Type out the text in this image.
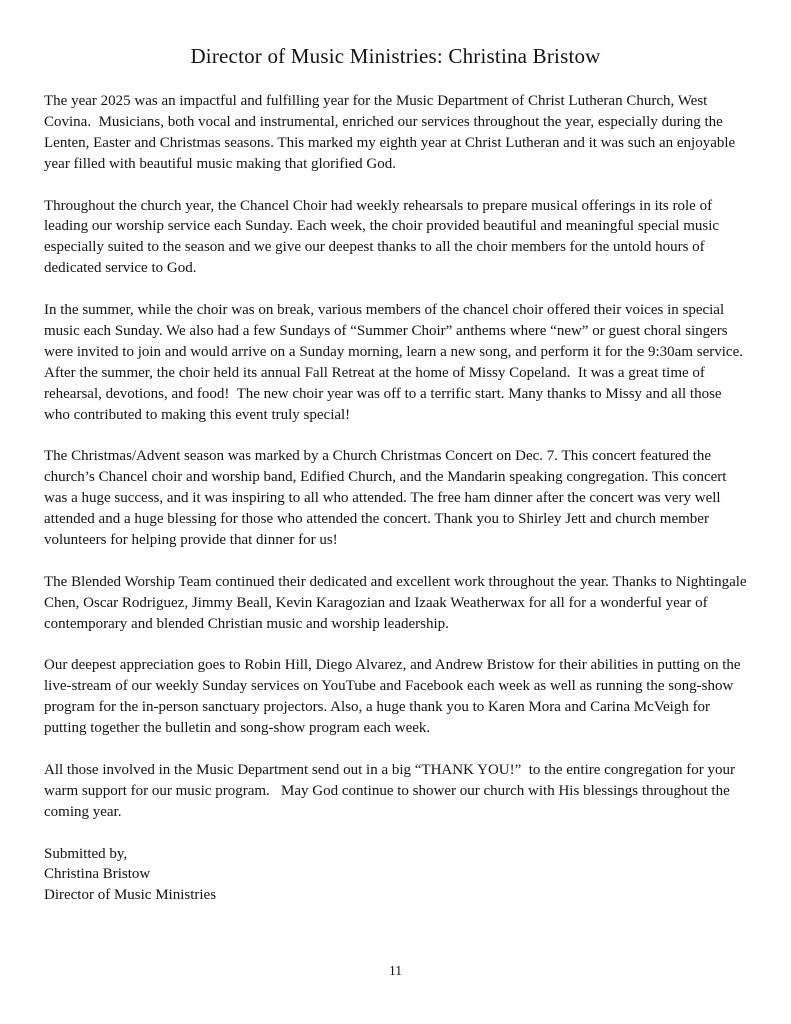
Director of Music Ministries: Christina Bristow

The year 2025 was an impactful and fulfilling year for the Music Department of Christ Lutheran Church, West Covina.  Musicians, both vocal and instrumental, enriched our services throughout the year, especially during the Lenten, Easter and Christmas seasons. This marked my eighth year at Christ Lutheran and it was such an enjoyable year filled with beautiful music making that glorified God.

Throughout the church year, the Chancel Choir had weekly rehearsals to prepare musical offerings in its role of leading our worship service each Sunday. Each week, the choir provided beautiful and meaningful special music especially suited to the season and we give our deepest thanks to all the choir members for the untold hours of dedicated service to God.

In the summer, while the choir was on break, various members of the chancel choir offered their voices in special music each Sunday. We also had a few Sundays of “Summer Choir” anthems where “new” or guest choral singers were invited to join and would arrive on a Sunday morning, learn a new song, and perform it for the 9:30am service. After the summer, the choir held its annual Fall Retreat at the home of Missy Copeland.  It was a great time of rehearsal, devotions, and food!  The new choir year was off to a terrific start. Many thanks to Missy and all those who contributed to making this event truly special!

The Christmas/Advent season was marked by a Church Christmas Concert on Dec. 7. This concert featured the church’s Chancel choir and worship band, Edified Church, and the Mandarin speaking congregation. This concert was a huge success, and it was inspiring to all who attended. The free ham dinner after the concert was very well attended and a huge blessing for those who attended the concert. Thank you to Shirley Jett and church member volunteers for helping provide that dinner for us!

The Blended Worship Team continued their dedicated and excellent work throughout the year. Thanks to Nightingale Chen, Oscar Rodriguez, Jimmy Beall, Kevin Karagozian and Izaak Weatherwax for all for a wonderful year of contemporary and blended Christian music and worship leadership.

Our deepest appreciation goes to Robin Hill, Diego Alvarez, and Andrew Bristow for their abilities in putting on the live-stream of our weekly Sunday services on YouTube and Facebook each week as well as running the song-show program for the in-person sanctuary projectors. Also, a huge thank you to Karen Mora and Carina McVeigh for putting together the bulletin and song-show program each week.

All those involved in the Music Department send out in a big “THANK YOU!”  to the entire congregation for your warm support for our music program.   May God continue to shower our church with His blessings throughout the coming year.

Submitted by,
Christina Bristow
Director of Music Ministries
11
